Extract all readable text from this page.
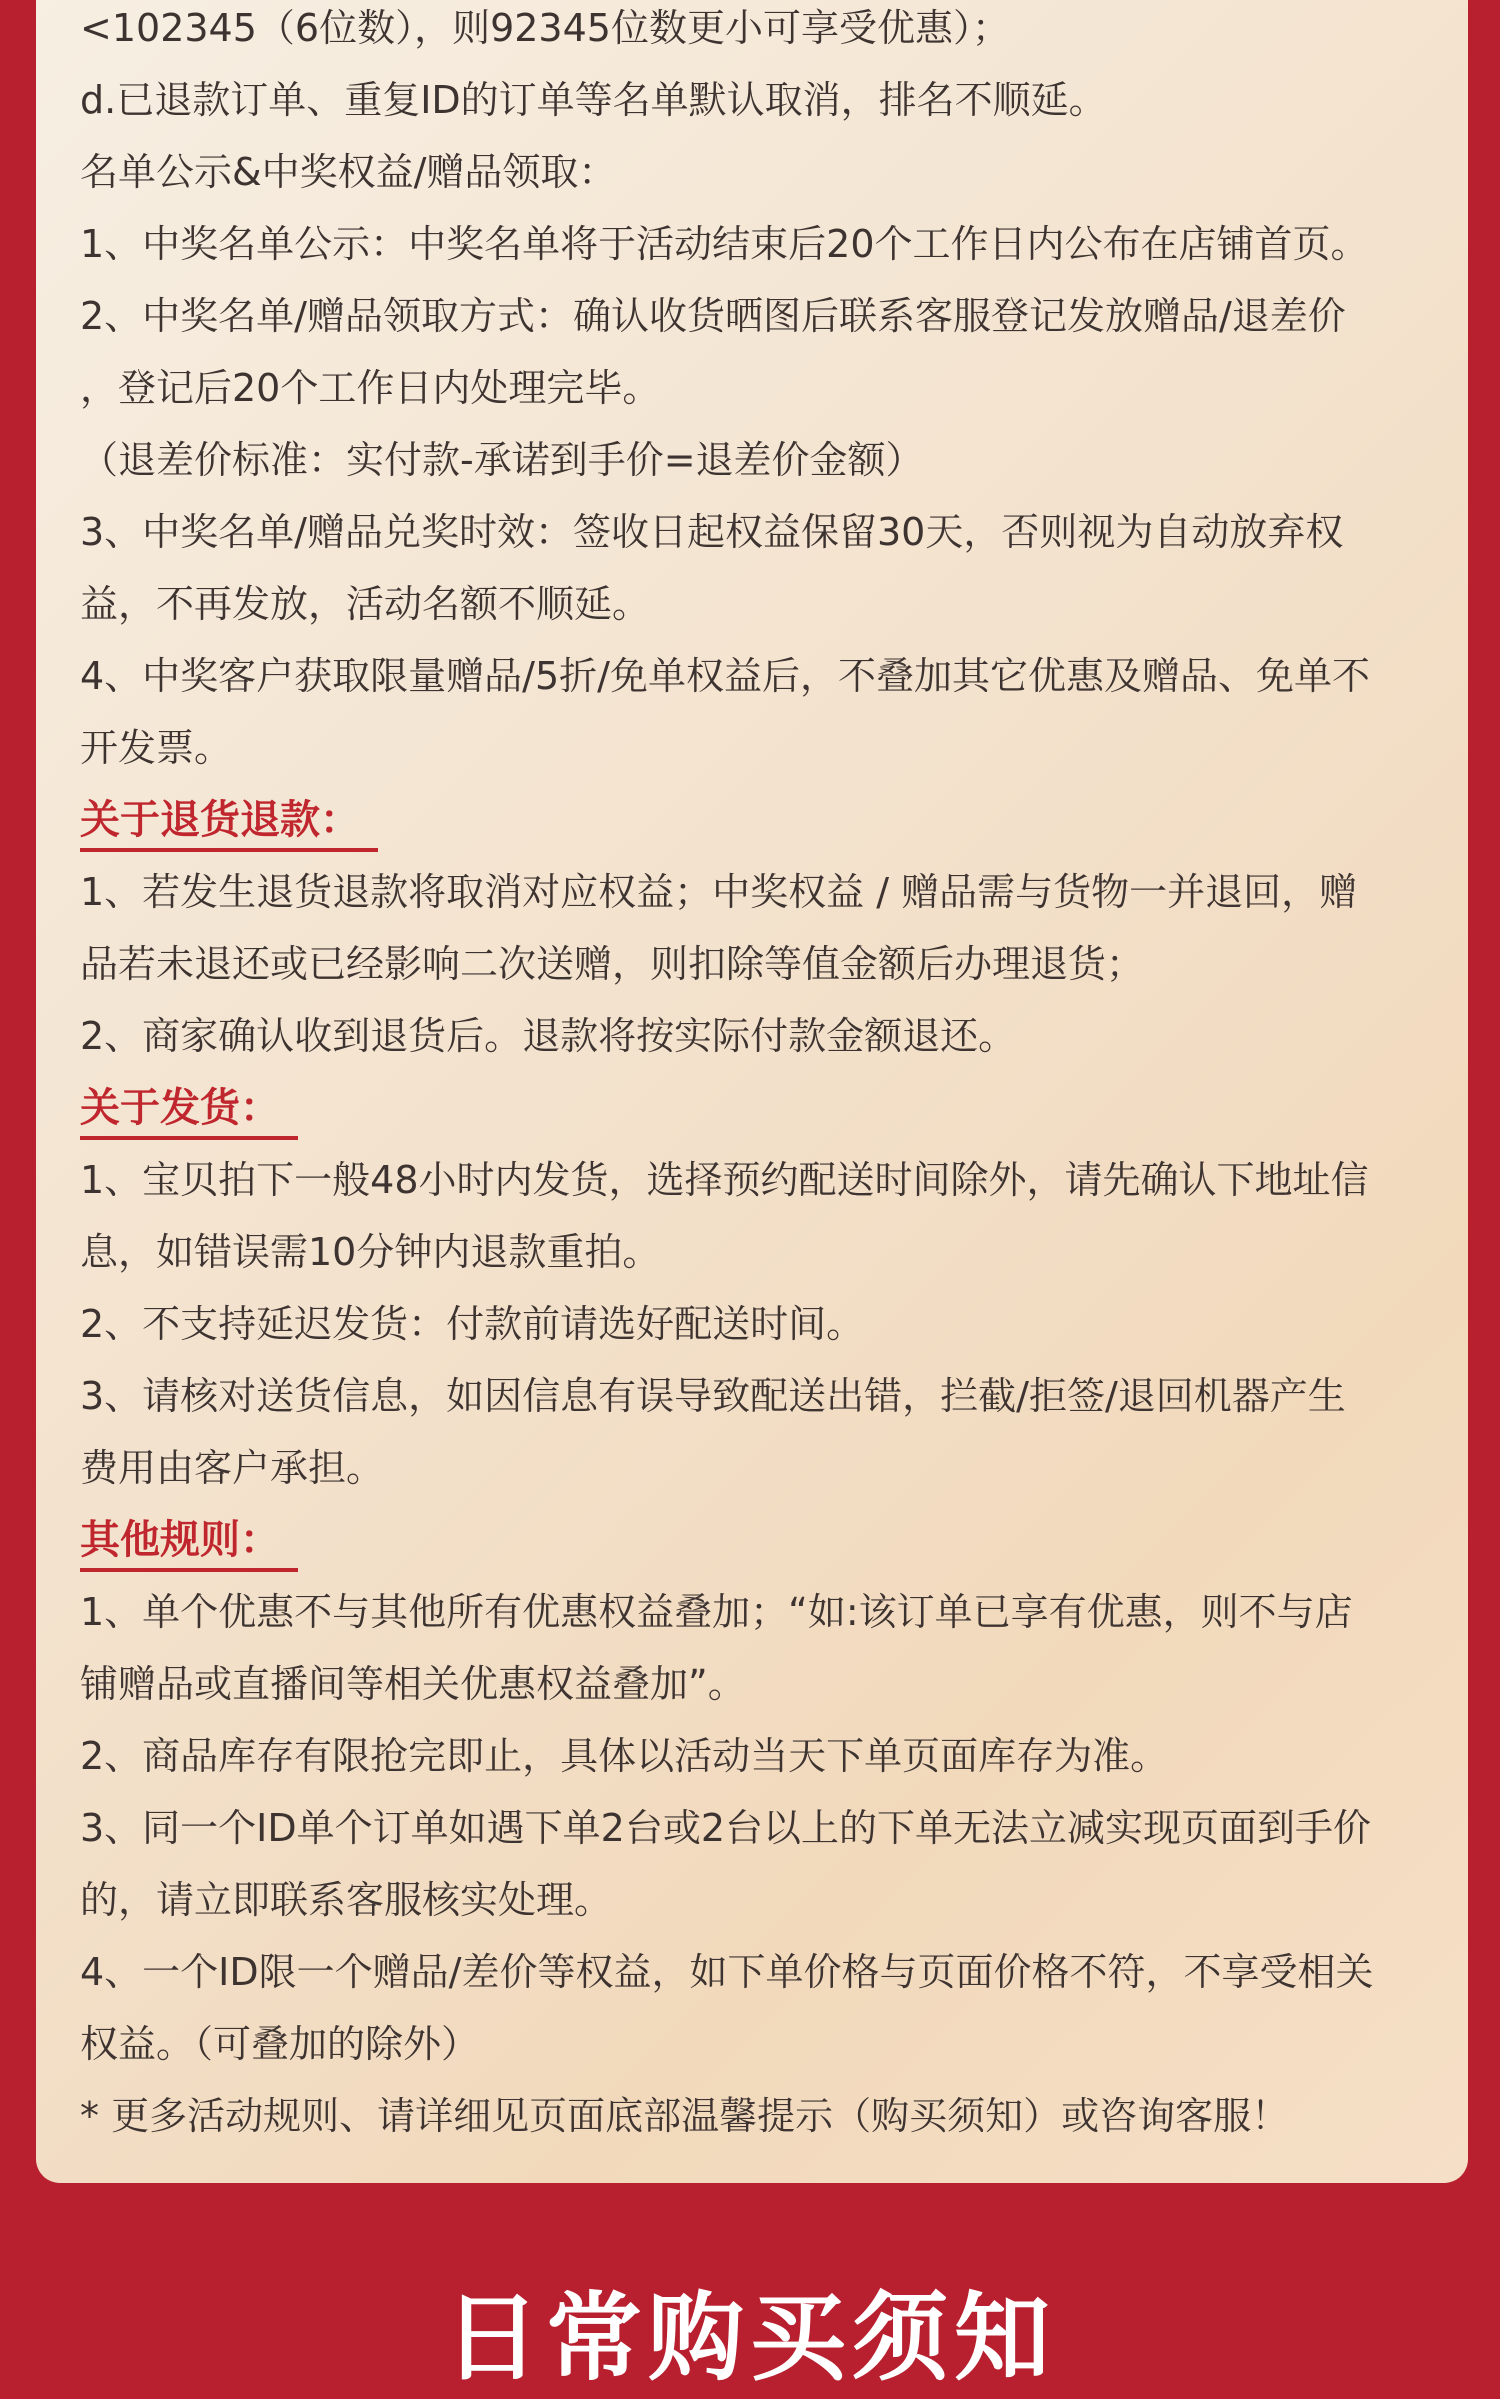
<102345（6位数），则92345位数更小可享受优惠）；
d.已退款订单、重复ID的订单等名单默认取消，排名不顺延。
名单公示&中奖权益/赠品领取：
1、中奖名单公示：中奖名单将于活动结束后20个工作日内公布在店铺首页。
2、中奖名单/赠品领取方式：确认收货晒图后联系客服登记发放赠品/退差价
，登记后20个工作日内处理完毕。
（退差价标准：实付款-承诺到手价=退差价金额）
3、中奖名单/赠品兑奖时效：签收日起权益保留30天，否则视为自动放弃权
益，不再发放，活动名额不顺延。
4、中奖客户获取限量赠品/5折/免单权益后，不叠加其它优惠及赠品、免单不
开发票。
关于退货退款：
1、若发生退货退款将取消对应权益；中奖权益 / 赠品需与货物一并退回，赠
品若未退还或已经影响二次送赠，则扣除等值金额后办理退货；
2、商家确认收到退货后。退款将按实际付款金额退还。
关于发货：
1、宝贝拍下一般48小时内发货，选择预约配送时间除外，请先确认下地址信
息，如错误需10分钟内退款重拍。
2、不支持延迟发货：付款前请选好配送时间。
3、请核对送货信息，如因信息有误导致配送出错，拦截/拒签/退回机器产生
费用由客户承担。
其他规则：
1、单个优惠不与其他所有优惠权益叠加；“如:该订单已享有优惠，则不与店
铺赠品或直播间等相关优惠权益叠加”。
2、商品库存有限抢完即止，具体以活动当天下单页面库存为准。
3、同一个ID单个订单如遇下单2台或2台以上的下单无法立减实现页面到手价
的，请立即联系客服核实处理。
4、一个ID限一个赠品/差价等权益，如下单价格与页面价格不符，不享受相关
权益。（可叠加的除外）
* 更多活动规则、请详细见页面底部温馨提示（购买须知）或咨询客服！
日常购买须知
